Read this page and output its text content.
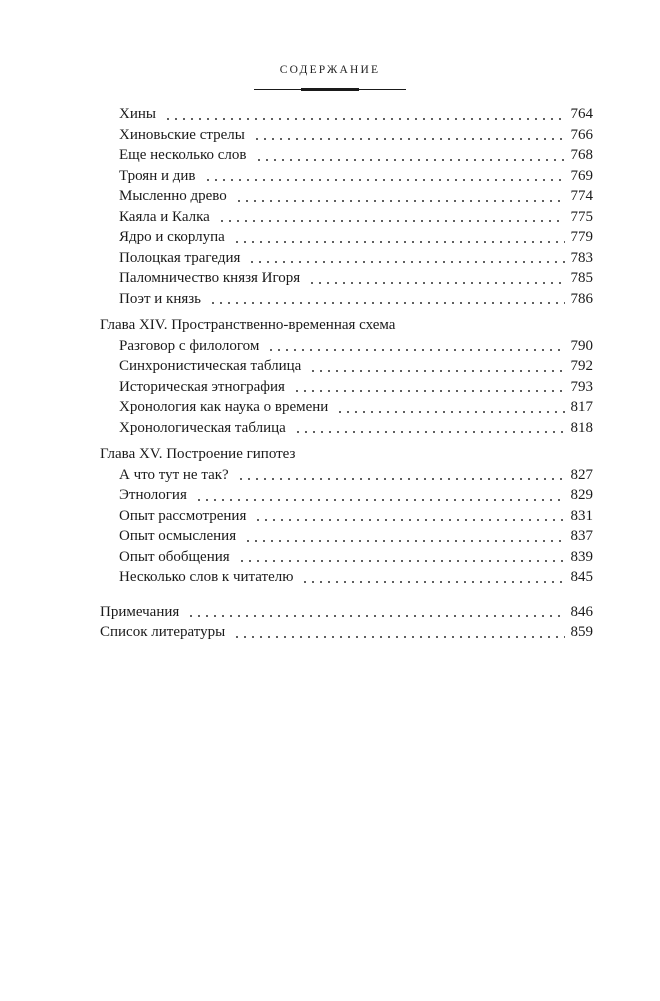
СОДЕРЖАНИЕ
Хины	764
Хиновьские стрелы	766
Еще несколько слов	768
Троян и див	769
Мысленно древо	774
Каяла и Калка	775
Ядро и скорлупа	779
Полоцкая трагедия	783
Паломничество князя Игоря	785
Поэт и князь	786
Глава XIV. Пространственно-временная схема
Разговор с филологом	790
Синхронистическая таблица	792
Историческая этнография	793
Хронология как наука о времени	817
Хронологическая таблица	818
Глава XV. Построение гипотез
А что тут не так?	827
Этнология	829
Опыт рассмотрения	831
Опыт осмысления	837
Опыт обобщения	839
Несколько слов к читателю	845
Примечания	846
Список литературы	859
